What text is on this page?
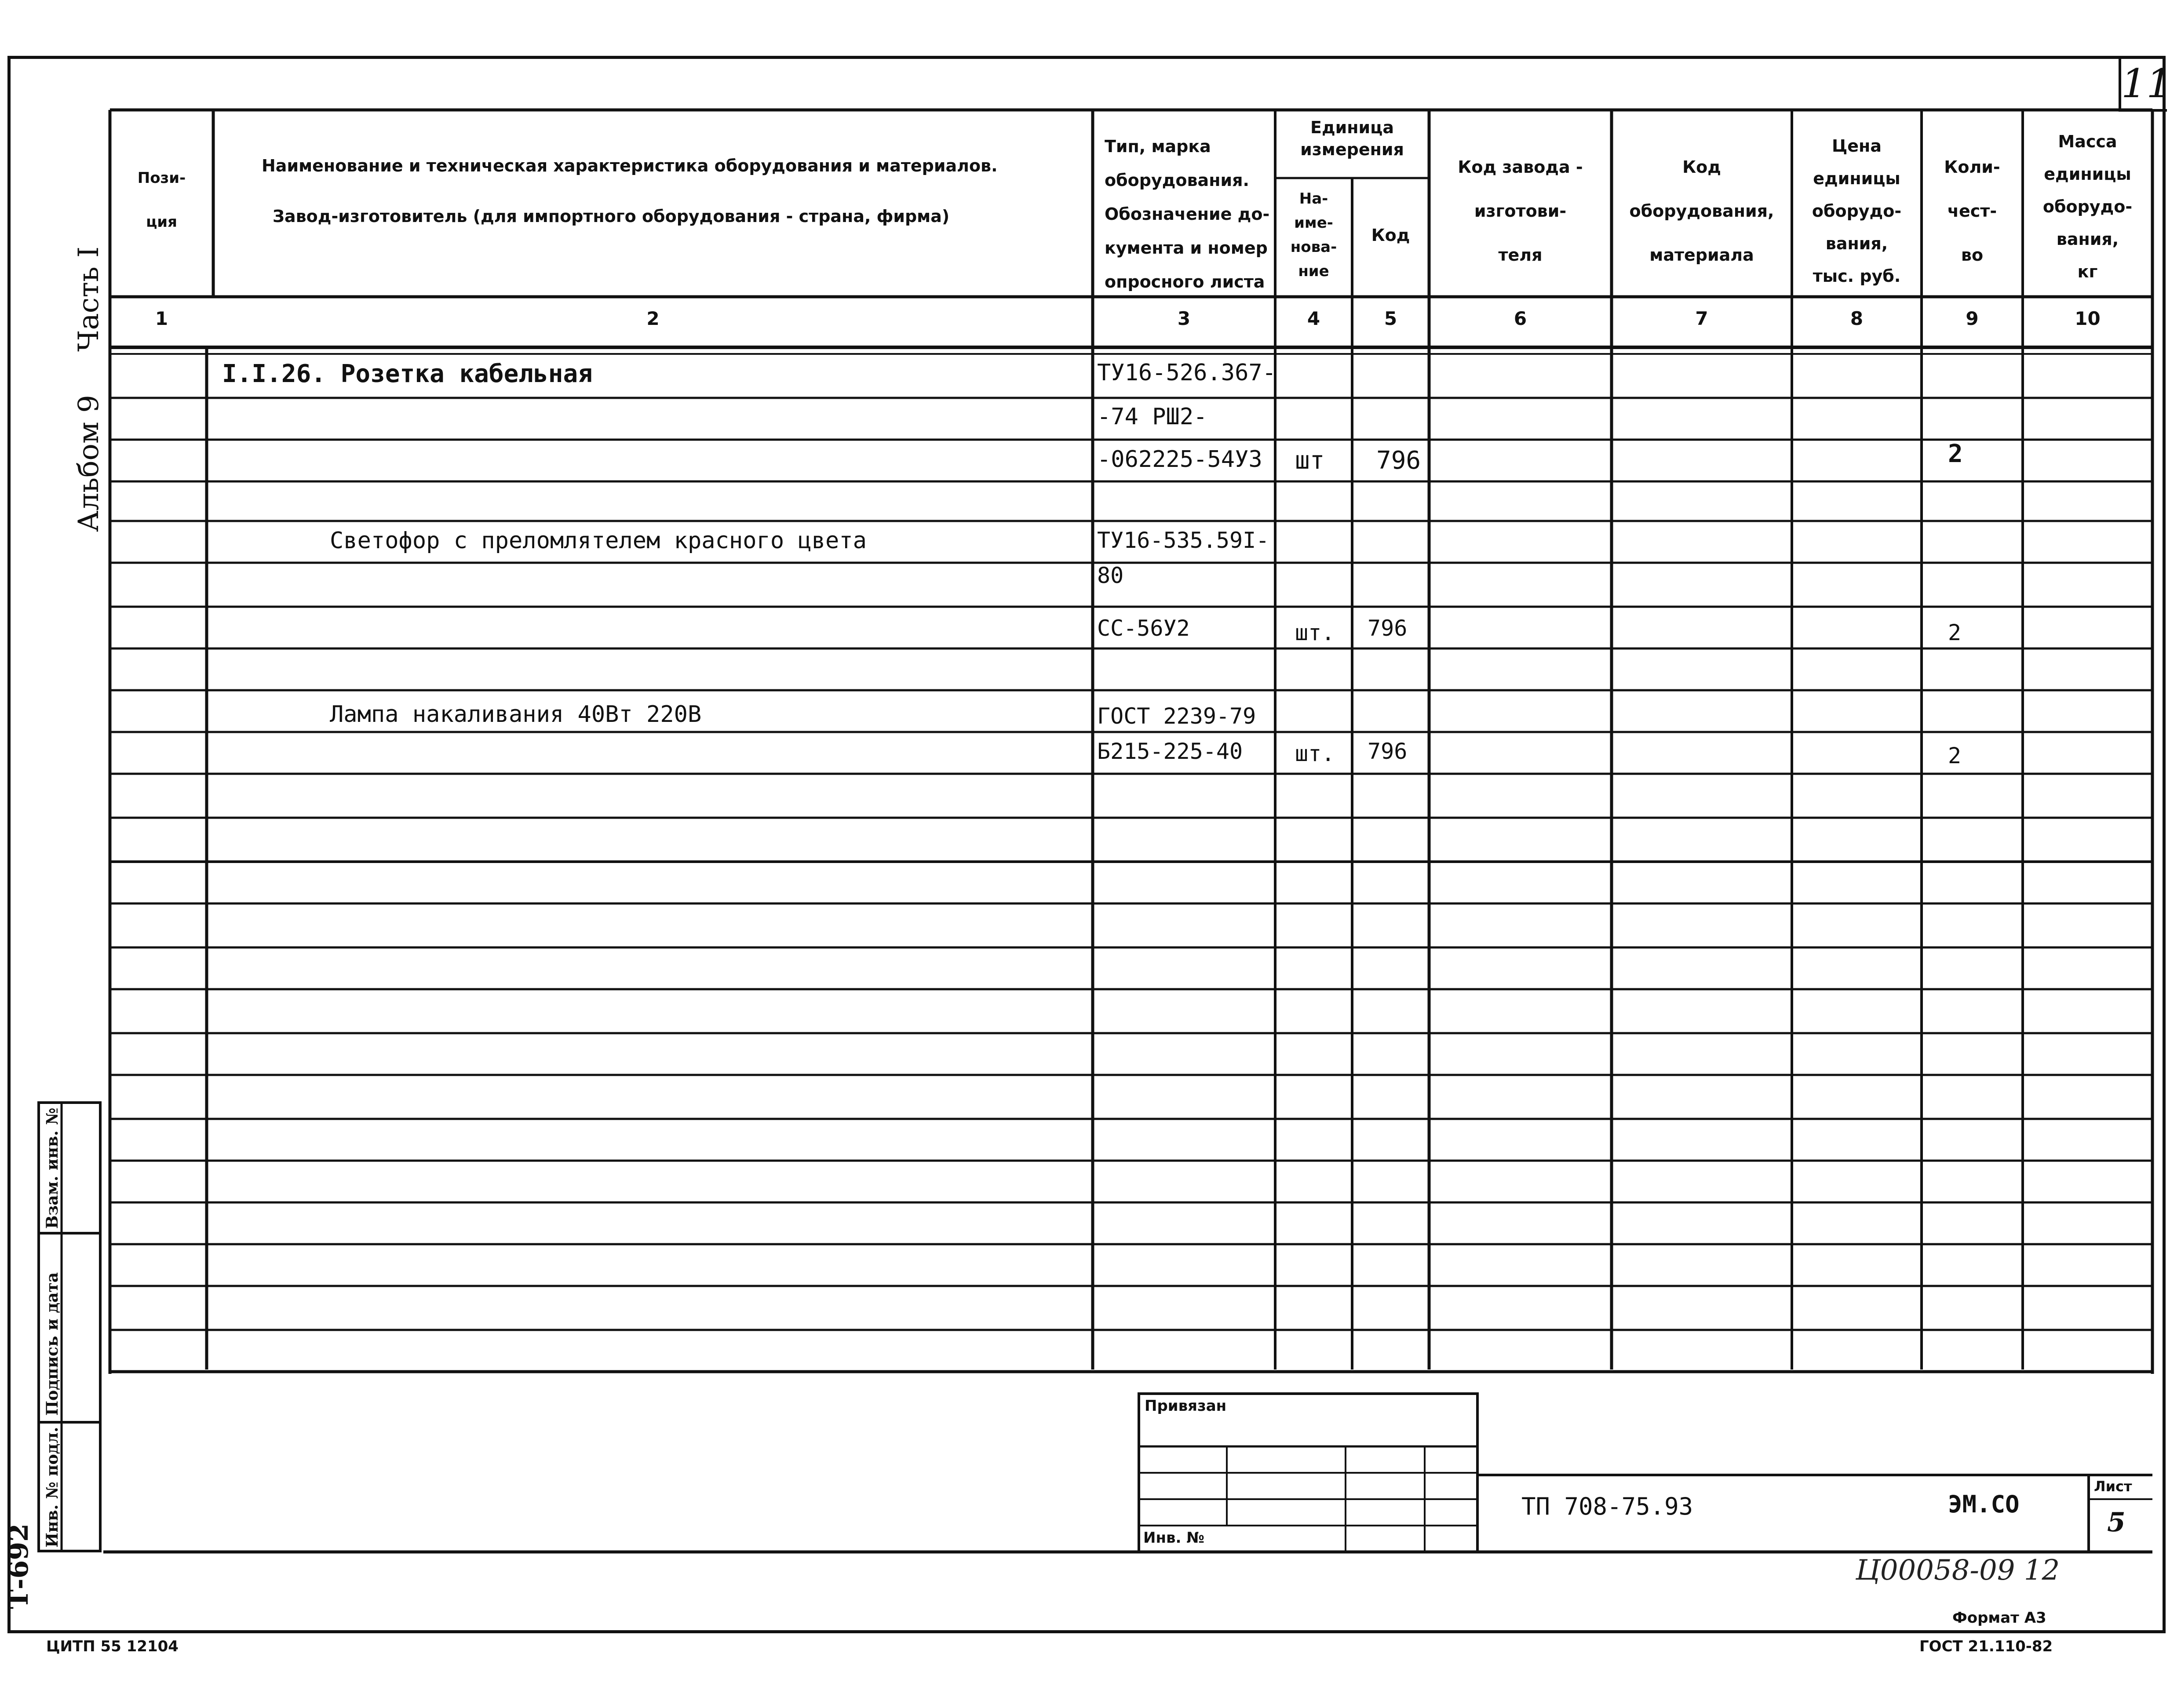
11
Часть I
Альбом 9
Т-692
Взам. инв. №
Подпись и дата
Инв. № подл.
Пози-
ция
Наименование и техническая характеристика оборудования и материалов.
Завод-изготовитель (для импортного оборудования - страна, фирма)
Тип, марка
оборудования.
Обозначение до-
кумента и номер
опросного листа
Единица
измерения
На-
име-
нова-
ние
Код
Код завода -
изготови-
теля
Код
оборудования,
материала
Цена
единицы
оборудо-
вания,
тыс. руб.
Коли-
чест-
во
Масса
единицы
оборудо-
вания,
кг
1	2	3	4	5	6	7	8	9	10
I.I.26. Розетка кабельная	ТУ16-526.367-
-74 РШ2-
-062225-54У3 шт 796	2
Светофор с преломлятелем красного цвета	ТУ16-535.59I-
80
СС-56У2	шт. 796	2
Лампа накаливания 40Вт 220В	ГОСТ 2239-79
Б215-225-40 шт. 796	2
Привязан
Инв. №
ТП 708-75.93	ЭМ.СО
Лист
5
Ц00058-09 12
Формат А3
ГОСТ 21.110-82
ЦИТП 55 12104
